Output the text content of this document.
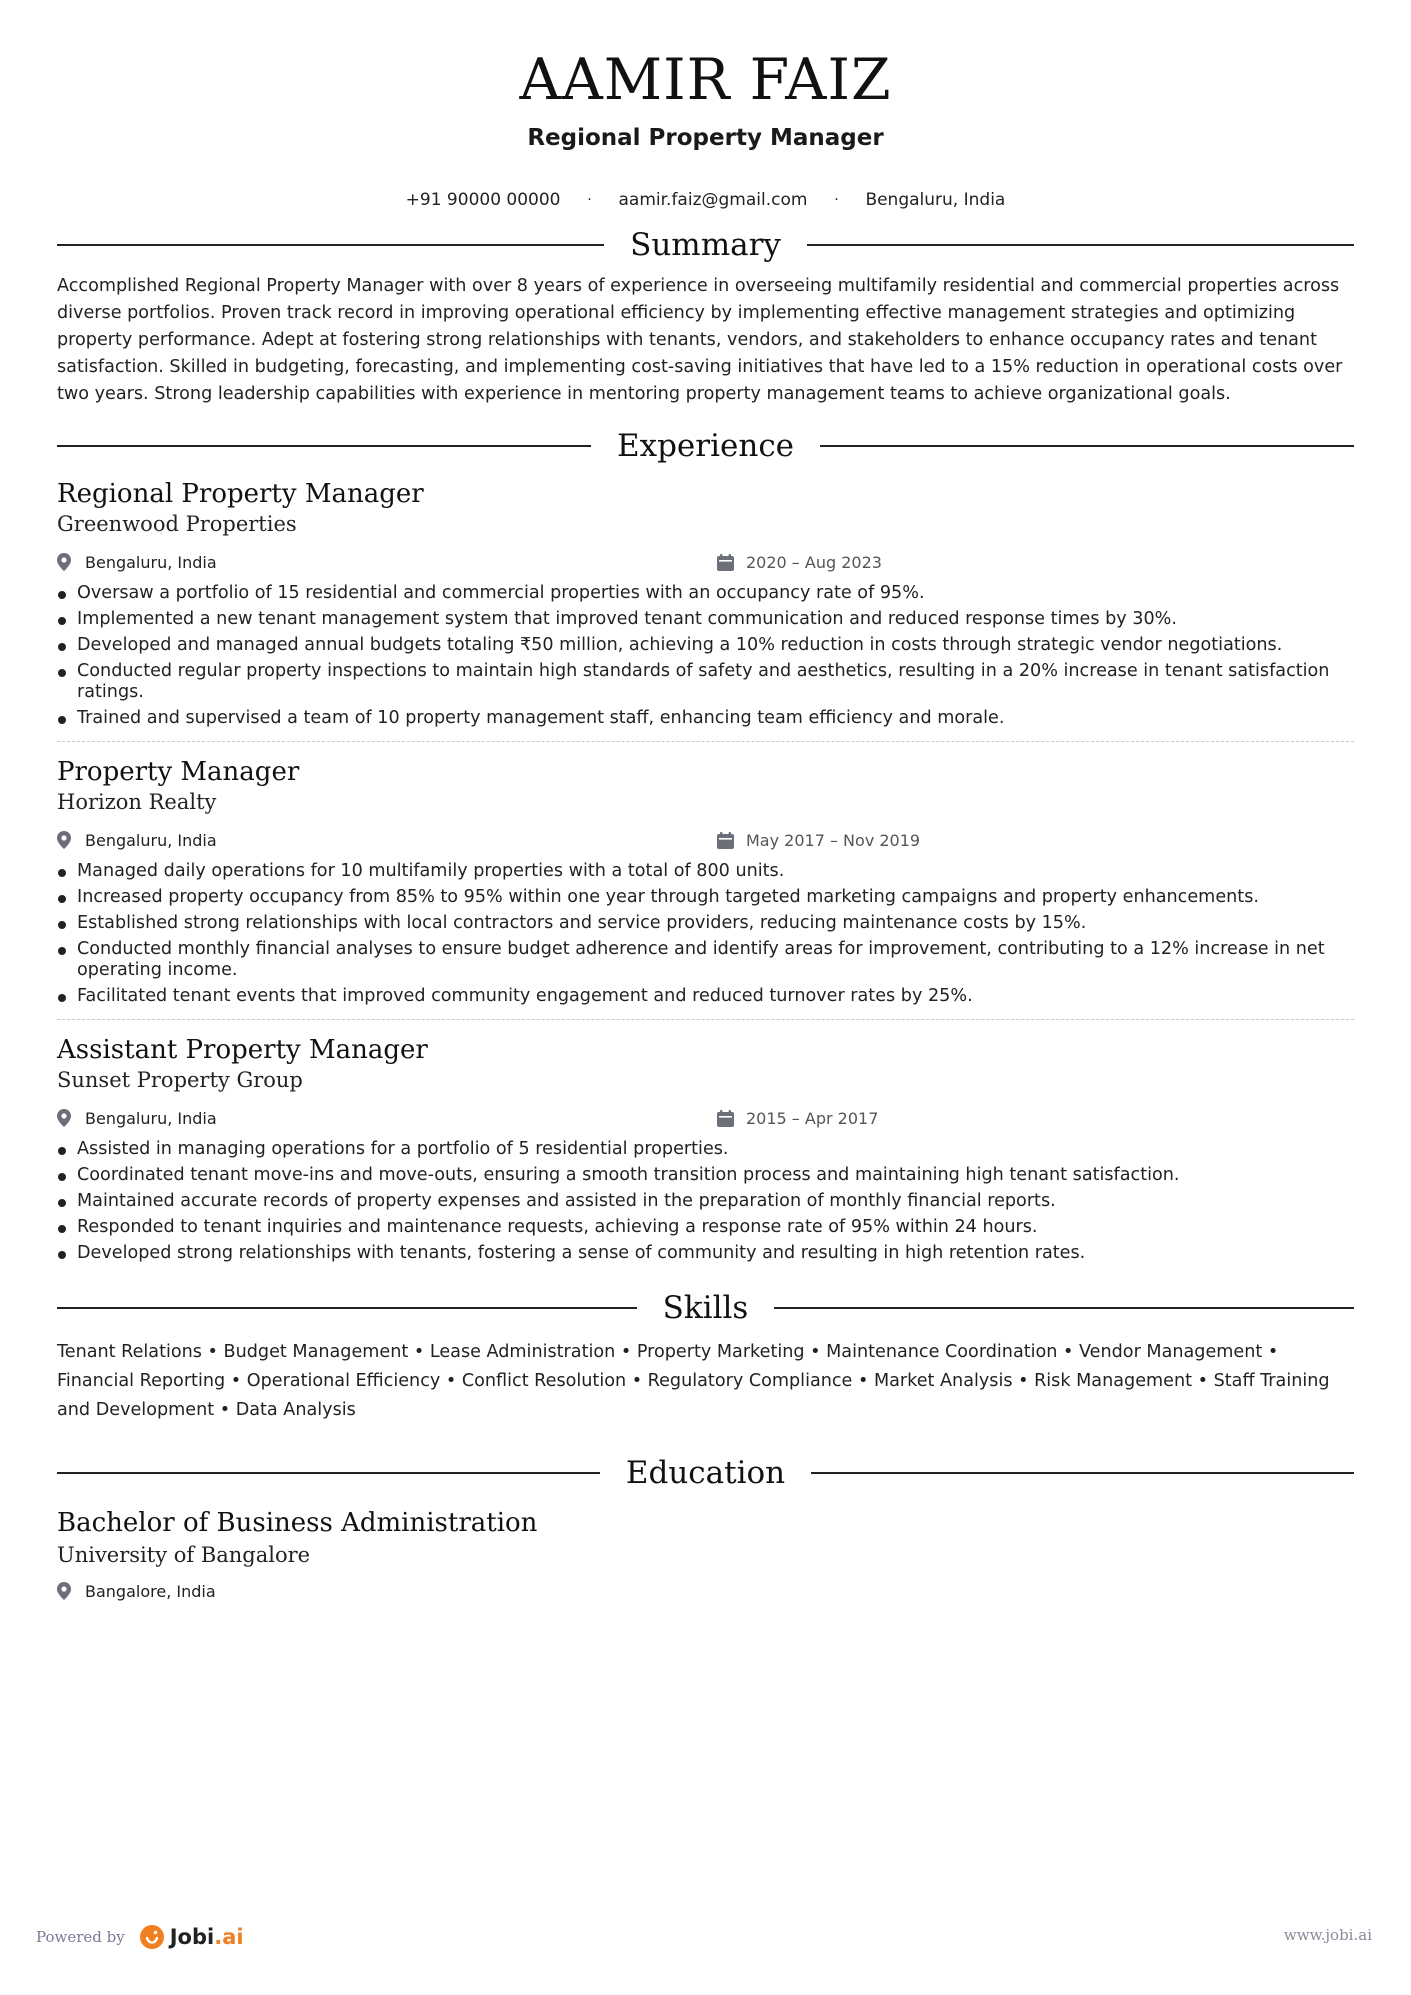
AAMIR FAIZ
Regional Property Manager
+91 90000 00000	·	aamir.faiz@gmail.com	·	Bengaluru, India
Summary
Accomplished Regional Property Manager with over 8 years of experience in overseeing multifamily residential and commercial properties across diverse portfolios. Proven track record in improving operational efficiency by implementing effective management strategies and optimizing property performance. Adept at fostering strong relationships with tenants, vendors, and stakeholders to enhance occupancy rates and tenant satisfaction. Skilled in budgeting, forecasting, and implementing cost-saving initiatives that have led to a 15% reduction in operational costs over two years. Strong leadership capabilities with experience in mentoring property management teams to achieve organizational goals.
Experience
Regional Property Manager
Greenwood Properties
Bengaluru, India	2020 – Aug 2023
Oversaw a portfolio of 15 residential and commercial properties with an occupancy rate of 95%.
Implemented a new tenant management system that improved tenant communication and reduced response times by 30%.
Developed and managed annual budgets totaling ₹50 million, achieving a 10% reduction in costs through strategic vendor negotiations.
Conducted regular property inspections to maintain high standards of safety and aesthetics, resulting in a 20% increase in tenant satisfaction ratings.
Trained and supervised a team of 10 property management staff, enhancing team efficiency and morale.
Property Manager
Horizon Realty
Bengaluru, India	May 2017 – Nov 2019
Managed daily operations for 10 multifamily properties with a total of 800 units.
Increased property occupancy from 85% to 95% within one year through targeted marketing campaigns and property enhancements.
Established strong relationships with local contractors and service providers, reducing maintenance costs by 15%.
Conducted monthly financial analyses to ensure budget adherence and identify areas for improvement, contributing to a 12% increase in net operating income.
Facilitated tenant events that improved community engagement and reduced turnover rates by 25%.
Assistant Property Manager
Sunset Property Group
Bengaluru, India	2015 – Apr 2017
Assisted in managing operations for a portfolio of 5 residential properties.
Coordinated tenant move-ins and move-outs, ensuring a smooth transition process and maintaining high tenant satisfaction.
Maintained accurate records of property expenses and assisted in the preparation of monthly financial reports.
Responded to tenant inquiries and maintenance requests, achieving a response rate of 95% within 24 hours.
Developed strong relationships with tenants, fostering a sense of community and resulting in high retention rates.
Skills
Tenant Relations • Budget Management • Lease Administration • Property Marketing • Maintenance Coordination • Vendor Management • Financial Reporting • Operational Efficiency • Conflict Resolution • Regulatory Compliance • Market Analysis • Risk Management • Staff Training and Development • Data Analysis
Education
Bachelor of Business Administration
University of Bangalore
Bangalore, India
Powered by Jobi .ai	www.jobi.ai
